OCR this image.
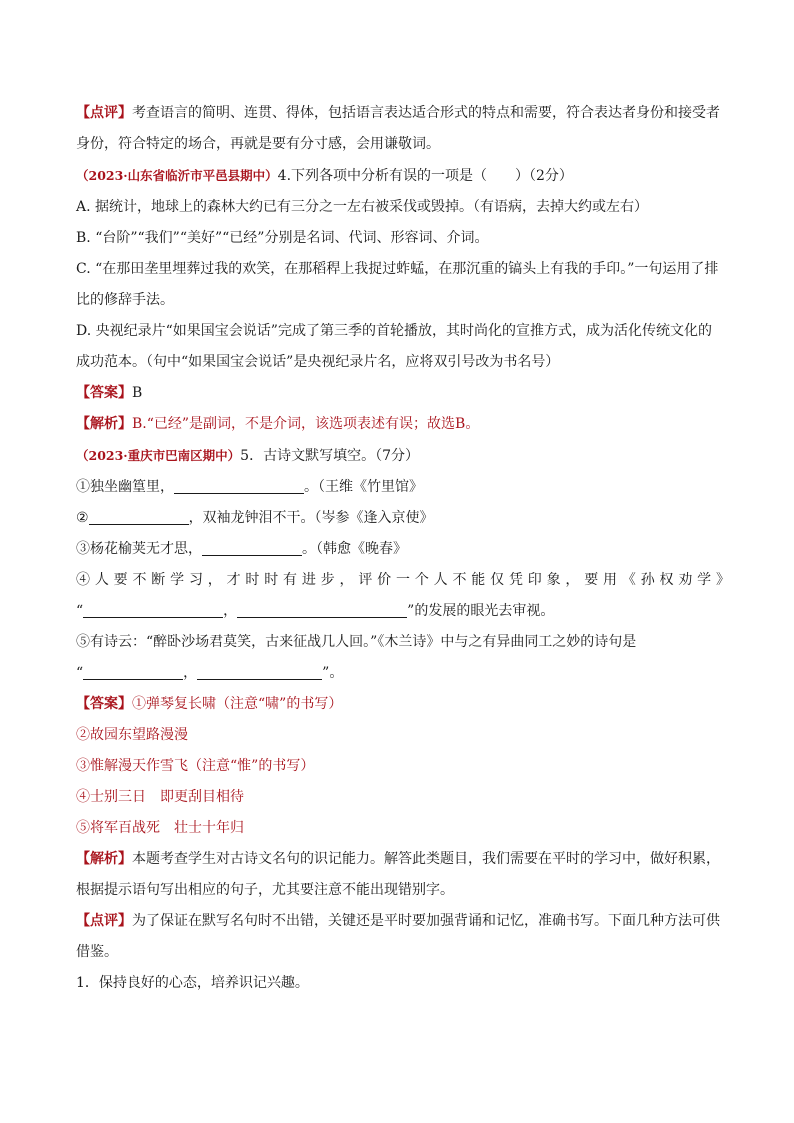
【点评】考查语言的简明、连贯、得体，包括语言表达适合形式的特点和需要，符合表达者身份和接受者
身份，符合特定的场合，再就是要有分寸感，会用谦敬词。
（2023·山东省临沂市平邑县期中）4.下列各项中分析有误的一项是（　　）（2分）
A. 据统计，地球上的森林大约已有三分之一左右被采伐或毁掉。（有语病，去掉大约或左右）
B. “台阶”“我们”“美好”“已经”分别是名词、代词、形容词、介词。
C. “在那田垄里埋葬过我的欢笑，在那稻稈上我捉过蚱蜢，在那沉重的镐头上有我的手印。”一句运用了排
比的修辞手法。
D. 央视纪录片“如果国宝会说话”完成了第三季的首轮播放，其时尚化的宣推方式，成为活化传统文化的
成功范本。（句中“如果国宝会说话”是央视纪录片名，应将双引号改为书名号）
【答案】B
【解析】B.“已经”是副词，不是介词，该选项表述有误；故选B。
（2023·重庆市巴南区期中）5．古诗文默写填空。（7分）
①独坐幽篁里，	。（王维《竹里馆》
②	，双袖龙钟泪不干。（岑参《逢入京使》
③杨花榆荚无才思，	。（韩愈《晚春》
④人要不断学习，才时时有进步，评价一个人不能仅凭印象，要用《孙权劝学》
“	，	”的发展的眼光去审视。
⑤有诗云：“醉卧沙场君莫笑，古来征战几人回。”《木兰诗》中与之有异曲同工之妙的诗句是
“	，	”。
【答案】①弹琴复长啸（注意“啸”的书写）
②故园东望路漫漫
③惟解漫天作雪飞（注意“惟”的书写）
④士别三日 即更刮目相待
⑤将军百战死 壮士十年归
【解析】本题考查学生对古诗文名句的识记能力。解答此类题目，我们需要在平时的学习中，做好积累，
根据提示语句写出相应的句子，尤其要注意不能出现错别字。
【点评】为了保证在默写名句时不出错，关键还是平时要加强背诵和记忆，准确书写。下面几种方法可供
借鉴。
1．保持良好的心态，培养识记兴趣。
